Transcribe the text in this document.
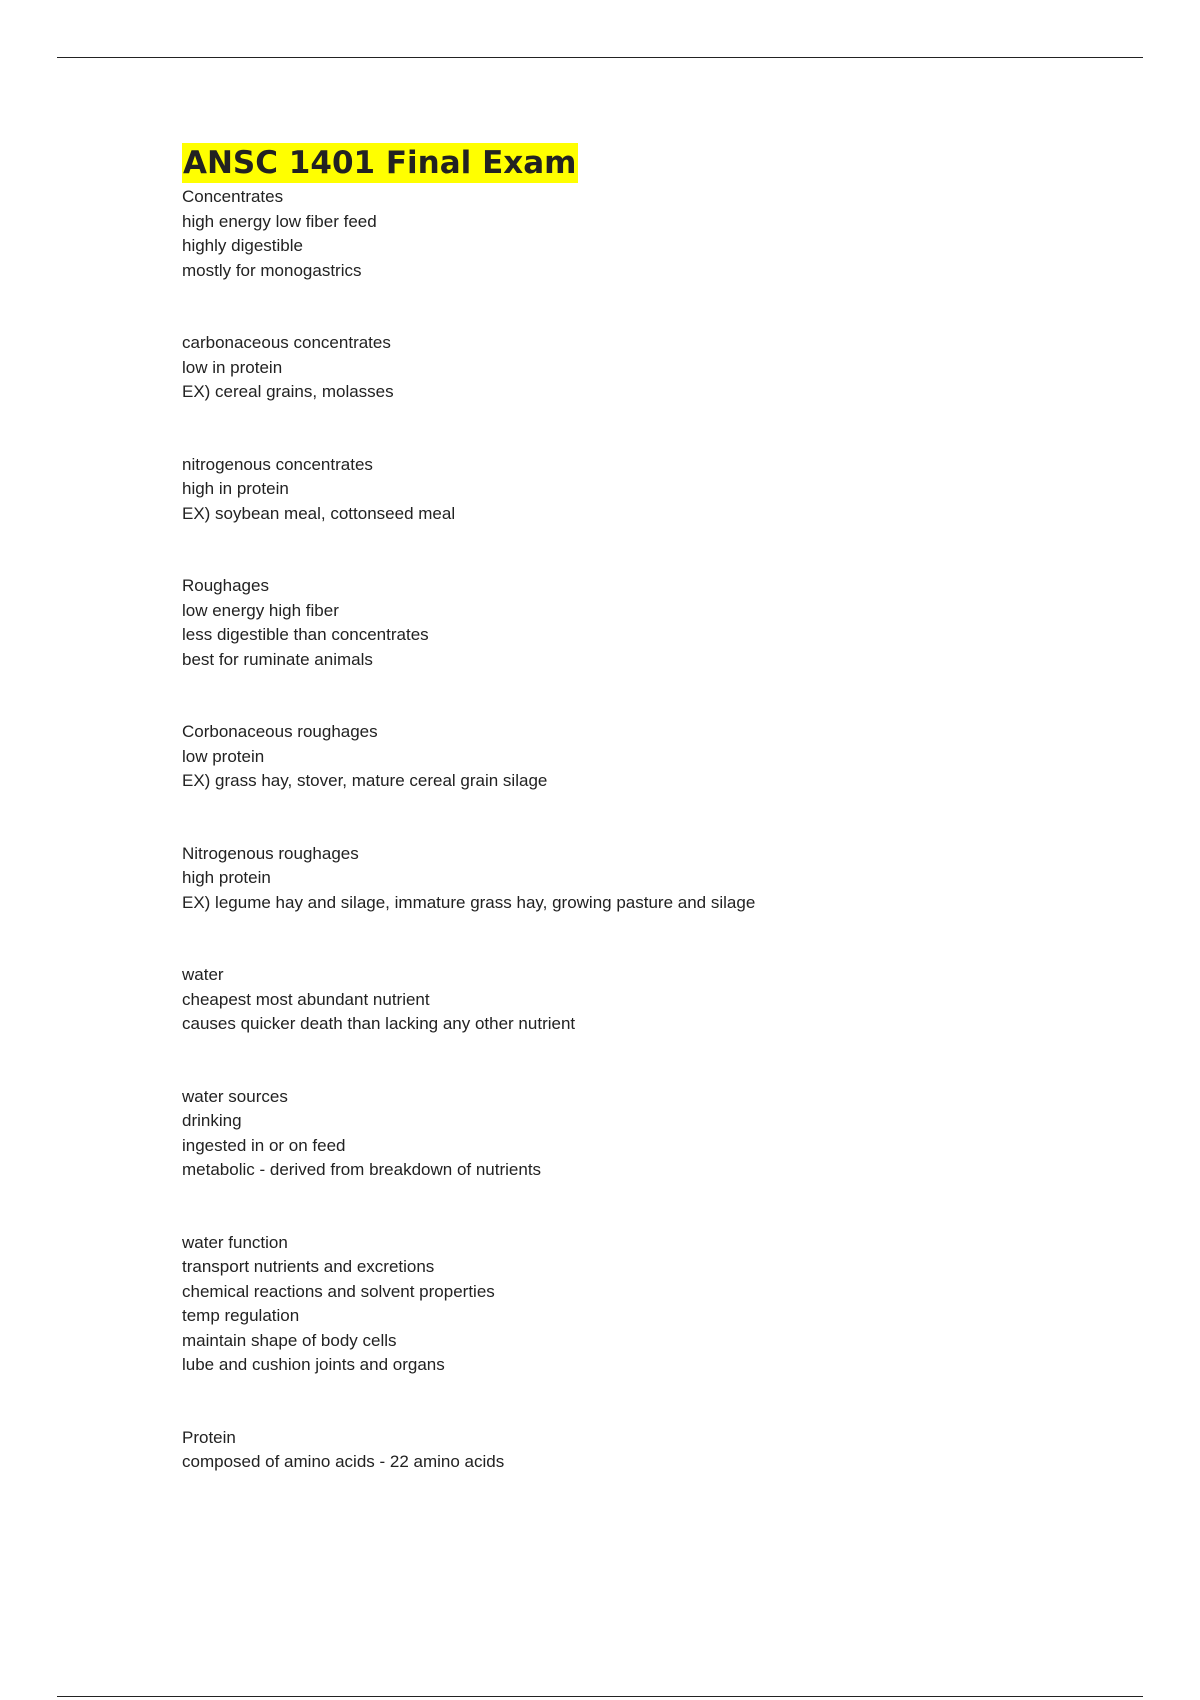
ANSC 1401 Final Exam
Concentrates
high energy low fiber feed
highly digestible
mostly for monogastrics
carbonaceous concentrates
low in protein
EX) cereal grains, molasses
nitrogenous concentrates
high in protein
EX) soybean meal, cottonseed meal
Roughages
low energy high fiber
less digestible than concentrates
best for ruminate animals
Corbonaceous roughages
low protein
EX) grass hay, stover, mature cereal grain silage
Nitrogenous roughages
high protein
EX) legume hay and silage, immature grass hay, growing pasture and silage
water
cheapest most abundant nutrient
causes quicker death than lacking any other nutrient
water sources
drinking
ingested in or on feed
metabolic - derived from breakdown of nutrients
water function
transport nutrients and excretions
chemical reactions and solvent properties
temp regulation
maintain shape of body cells
lube and cushion joints and organs
Protein
composed of amino acids - 22 amino acids
